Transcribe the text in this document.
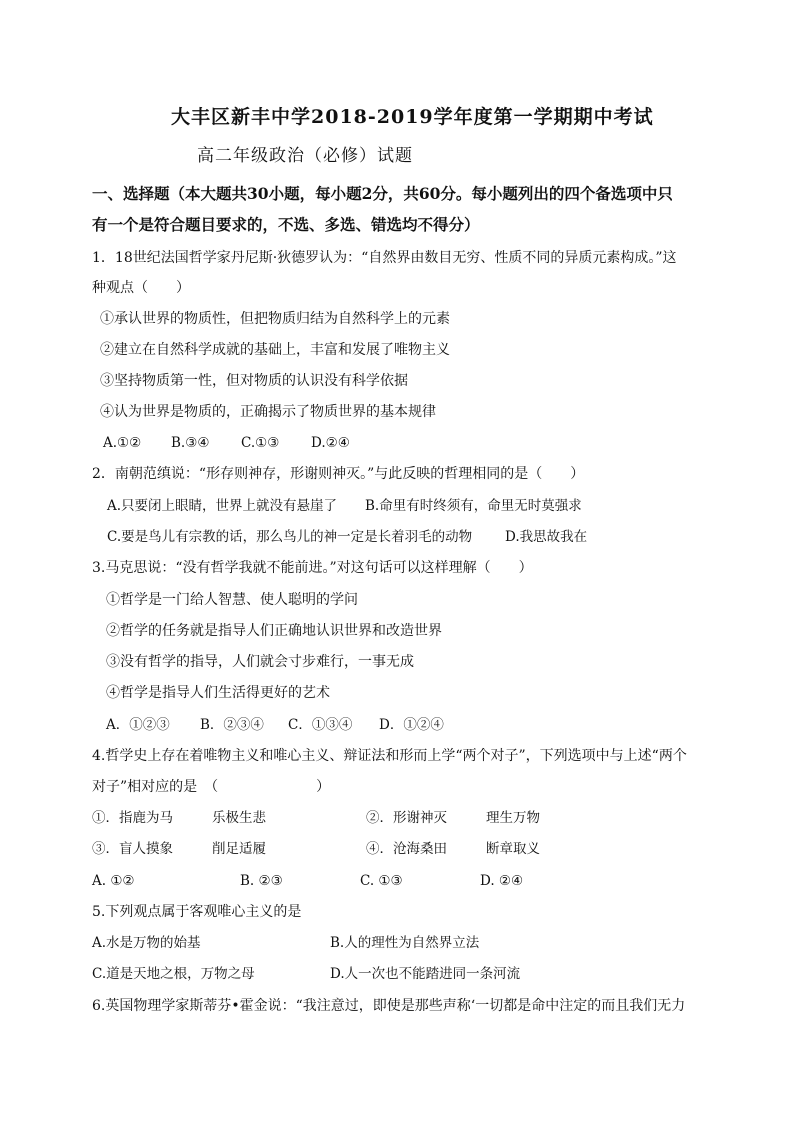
大丰区新丰中学2018-2019学年度第一学期期中考试
高二年级政治（必修）试题
一、选择题（本大题共30小题，每小题2分，共60分。每小题列出的四个备选项中只
有一个是符合题目要求的，不选、多选、错选均不得分）
1．18世纪法国哲学家丹尼斯·狄德罗认为：“自然界由数目无穷、性质不同的异质元素构成。”这
种观点（　　）
①承认世界的物质性，但把物质归结为自然科学上的元素
②建立在自然科学成就的基础上，丰富和发展了唯物主义
③坚持物质第一性，但对物质的认识没有科学依据
④认为世界是物质的，正确揭示了物质世界的基本规律
A.①② B.③④ C.①③ D.②④
2．南朝范缜说：“形存则神存，形谢则神灭。”与此反映的哲理相同的是（　　）
A.只要闭上眼睛，世界上就没有悬崖了 B.命里有时终须有，命里无时莫强求
C.要是鸟儿有宗教的话，那么鸟儿的神一定是长着羽毛的动物 D.我思故我在
3.马克思说：“没有哲学我就不能前进。”对这句话可以这样理解（　　）
①哲学是一门给人智慧、使人聪明的学问
②哲学的任务就是指导人们正确地认识世界和改造世界
③没有哲学的指导，人们就会寸步难行，一事无成
④哲学是指导人们生活得更好的艺术
A．①②③ B．②③④ C．①③④ D．①②④
4.哲学史上存在着唯物主义和唯心主义、辩证法和形而上学“两个对子”，下列选项中与上述“两个
对子”相对应的是　（　　　　　　　）
①．指鹿为马	乐极生悲	②．形谢神灭	理生万物
③．盲人摸象	削足适履	④．沧海桑田	断章取义
A. ①②	B. ②③	C. ①③	D. ②④
5.下列观点属于客观唯心主义的是
A.水是万物的始基	B.人的理性为自然界立法
C.道是天地之根，万物之母	D.人一次也不能踏进同一条河流
6.英国物理学家斯蒂芬•霍金说：“我注意过，即使是那些声称‘一切都是命中注定的而且我们无力
